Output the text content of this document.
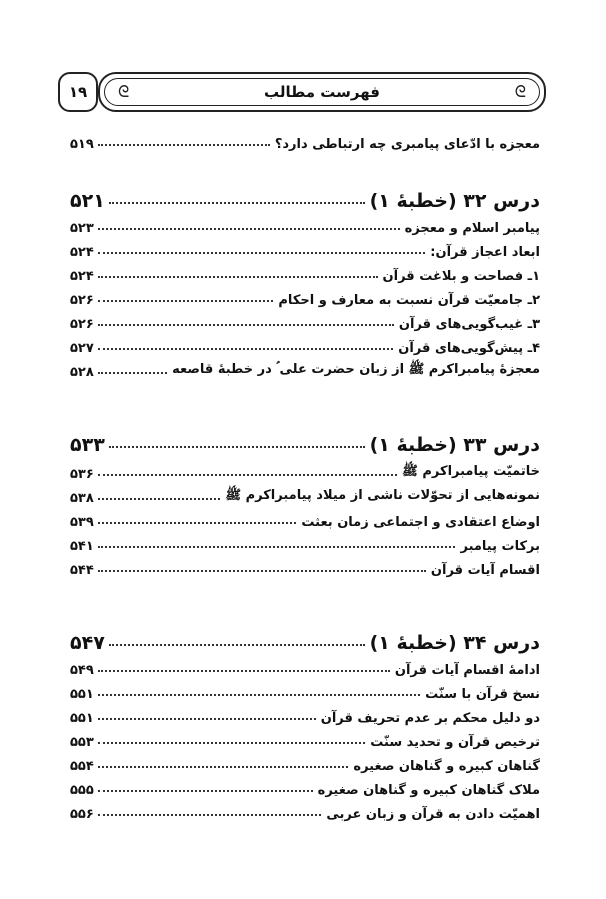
ᘓ	فهرست مطالب	ᘓ
۱۹
معجزه با ادّعای پیامبری چه ارتباطی دارد؟
۵۱۹
درس ۳۲ (خطبهٔ ۱)
۵۲۱
پیامبر اسلام و معجزه
۵۲۳
ابعاد اعجاز قرآن:
۵۲۴
۱ـ فصاحت و بلاغت قرآن
۵۲۴
۲ـ جامعیّت قرآن نسبت به معارف و احکام
۵۲۶
۳ـ غیب‌گویی‌های قرآن
۵۲۶
۴ـ پیش‌گویی‌های قرآن
۵۲۷
معجزهٔ پیامبراکرم ﷺ از زبان حضرت علی ؑ در خطبهٔ قاصعه
۵۲۸
درس ۳۳ (خطبهٔ ۱)
۵۳۳
خاتمیّت پیامبراکرم ﷺ
۵۳۶
نمونه‌هایی از تحوّلات ناشی از میلاد پیامبراکرم ﷺ
۵۳۸
اوضاع اعتقادی و اجتماعی زمان بعثت
۵۳۹
برکات پیامبر
۵۴۱
اقسام آیات قرآن
۵۴۴
درس ۳۴ (خطبهٔ ۱)
۵۴۷
ادامهٔ اقسام آیات قرآن
۵۴۹
نسخ قرآن با سنّت
۵۵۱
دو دلیل محکم بر عدم تحریف قرآن
۵۵۱
ترخیص قرآن و تحدید سنّت
۵۵۳
گناهان کبیره و گناهان صغیره
۵۵۴
ملاک گناهان کبیره و گناهان صغیره
۵۵۵
اهمیّت دادن به قرآن و زبان عربی
۵۵۶
